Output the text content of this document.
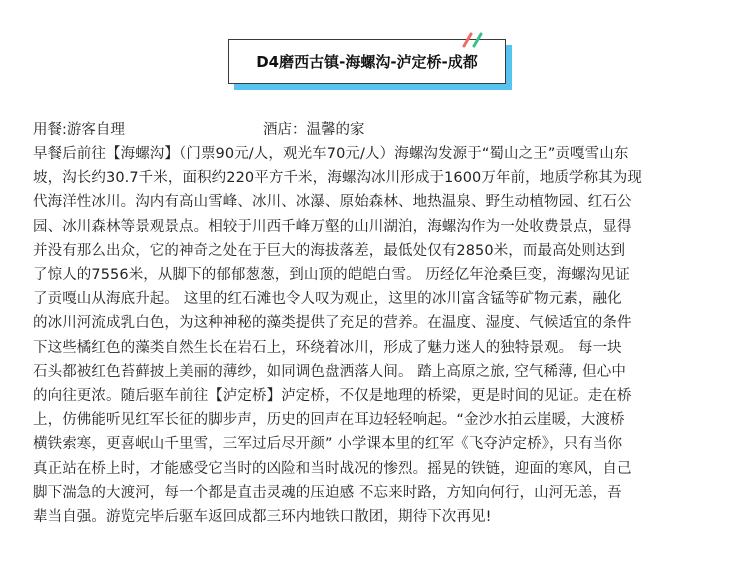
D4磨西古镇-海螺沟-泸定桥-成都
用餐:游客自理	酒店：温馨的家
早餐后前往【海螺沟】（门票90元/人，观光车70元/人）海螺沟发源于“蜀山之王”贡嘎雪山东
坡，沟长约30.7千米，面积约220平方千米，海螺沟冰川形成于1600万年前，地质学称其为现
代海洋性冰川。沟内有高山雪峰、冰川、冰瀑、原始森林、地热温泉、野生动植物园、红石公
园、冰川森林等景观景点。相较于川西千峰万壑的山川湖泊，海螺沟作为一处收费景点，显得
并没有那么出众，它的神奇之处在于巨大的海拔落差，最低处仅有2850米，而最高处则达到
了惊人的7556米，从脚下的郁郁葱葱，到山顶的皑皑白雪。 历经亿年沧桑巨变，海螺沟见证
了贡嘎山从海底升起。 这里的红石滩也令人叹为观止，这里的冰川富含锰等矿物元素，融化
的冰川河流成乳白色，为这种神秘的藻类提供了充足的营养。在温度、湿度、气候适宜的条件
下这些橘红色的藻类自然生长在岩石上，环绕着冰川，形成了魅力迷人的独特景观。 每一块
石头都被红色苔藓披上美丽的薄纱，如同调色盘洒落人间。 踏上高原之旅, 空气稀薄, 但心中
的向往更浓。随后驱车前往【泸定桥】泸定桥，不仅是地理的桥梁，更是时间的见证。走在桥
上，仿佛能听见红军长征的脚步声，历史的回声在耳边轻轻响起。“金沙水拍云崖暖，大渡桥
横铁索寒，更喜岷山千里雪，三军过后尽开颜” 小学课本里的红军《飞夺泸定桥》，只有当你
真正站在桥上时，才能感受它当时的凶险和当时战况的惨烈。摇晃的铁链，迎面的寒风，自己
脚下湍急的大渡河，每一个都是直击灵魂的压迫感 不忘来时路，方知向何行，山河无恙，吾
辈当自强。游览完毕后驱车返回成都三环内地铁口散团，期待下次再见!
